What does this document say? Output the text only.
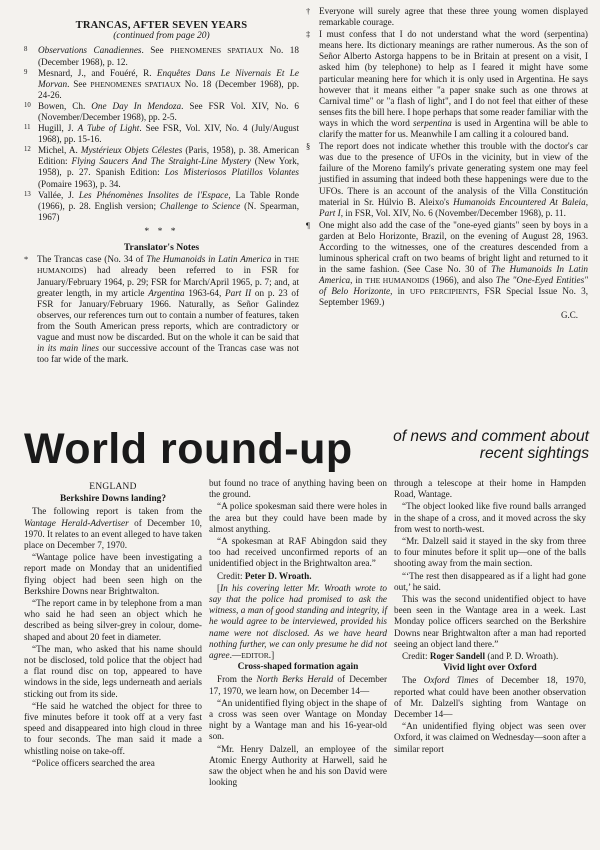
TRANCAS, AFTER SEVEN YEARS
(continued from page 20)
8	Observations Canadiennes. See PHENOMENES SPATIAUX No. 18 (December 1968), p. 12.
9	Mesnard, J., and Fouéré, R. Enquêtes Dans Le Nivernais Et Le Morvan. See PHENOMENES SPATIAUX No. 18 (December 1968), pp. 24-26.
10 Bowen, Ch. One Day In Mendoza. See FSR Vol. XIV, No. 6 (November/December 1968), pp. 2-5.
11 Hugill, J. A Tube of Light. See FSR, Vol. XIV, No. 4 (July/August 1968), pp. 15-16.
12 Michel, A. Mystérieux Objets Célestes (Paris, 1958), p. 38. American Edition: Flying Saucers And The Straight-Line Mystery (New York, 1958), p. 27. Spanish Edition: Los Misteriosos Platillos Volantes (Pomaire 1963), p. 34.
13 Vallée, J. Les Phénomènes Insolites de l'Espace, La Table Ronde (1966), p. 28. English version; Challenge to Science (N. Spearman, 1967)
* * *
Translator's Notes
* The Trancas case (No. 34 of The Humanoids in Latin America in THE HUMANOIDS) had already been referred to in FSR for January/February 1964, p. 29; FSR for March/April 1965, p. 7; and, at greater length, in my article Argentina 1963-64, Part II on p. 23 of FSR for January/February 1966. Naturally, as Señor Galindez observes, our references turn out to contain a number of features, taken from the South American press reports, which are contradictory or vague and must now be discarded. But on the whole it can be said that in its main lines our successive account of the Trancas case was not too far wide of the mark.
† Everyone will surely agree that these three young women displayed remarkable courage.
‡ I must confess that I do not understand what the word (serpentina) means here. Its dictionary meanings are rather numerous. As the son of Señor Alberto Astorga happens to be in Britain at present on a visit, I asked him (by telephone) to help as I feared it might have some particular meaning here for which it is only used in Argentina. He says however that it means either "a paper snake such as one throws at Carnival time" or "a flash of light", and I do not feel that either of these senses fits the bill here. I hope perhaps that some reader familiar with the ways in which the word serpentina is used in Argentina will be able to clarify the matter for us. Meanwhile I am calling it a coloured band.
§ The report does not indicate whether this trouble with the doctor's car was due to the presence of UFOs in the vicinity, but in view of the failure of the Moreno family's private generating system one may feel justified in assuming that indeed both these happenings were due to the UFOs. There is an account of the analysis of the Villa Constitución material in Sr. Húlvio B. Aleixo's Humanoids Encountered At Baleia, Part I, in FSR, Vol. XIV, No. 6 (November/December 1968), p. 11.
¶ One might also add the case of the "one-eyed giants" seen by boys in a garden at Belo Horizonte, Brazil, on the evening of August 28, 1963. According to the witnesses, one of the creatures descended from a luminous spherical craft on two beams of bright light and returned to it in the same fashion. (See Case No. 30 of The Humanoids In Latin America, in THE HUMANOIDS (1966), and also The "One-Eyed Entities" of Belo Horizonte, in UFO PERCIPIENTS, FSR Special Issue No. 3, September 1969.)
G.C.
World round-up	of news and comment about recent sightings

ENGLAND

Berkshire Downs landing?

The following report is taken from the Wantage Herald-Advertiser of December 10, 1970. It relates to an event alleged to have taken place on December 7, 1970.

“Wantage police have been investigating a report made on Monday that an unidentified flying object had been seen high on the Berkshire Downs near Brightwalton.

“The report came in by telephone from a man who said he had seen an object which he described as being silver-grey in colour, dome-shaped and about 20 feet in diameter.

“The man, who asked that his name should not be disclosed, told police that the object had a flat round disc on top, appeared to have windows in the side, legs underneath and aerials sticking out from its side.

“He said he watched the object for three to five minutes before it took off at a very fast speed and disappeared into high cloud in three to four seconds. The man said it made a whistling noise on take-off.

“Police officers searched the area

but found no trace of anything having been on the ground.

“A police spokesman said there were holes in the area but they could have been made by almost anything.

“A spokesman at RAF Abingdon said they too had received unconfirmed reports of an unidentified object in the Brightwalton area.”

Credit: Peter D. Wroath.

[In his covering letter Mr. Wroath wrote to say that the police had promised to ask the witness, a man of good standing and integrity, if he would agree to be interviewed, provided his name were not disclosed. As we have heard nothing further, we can only presume he did not agree.—EDITOR.]

Cross-shaped formation again

From the North Berks Herald of December 17, 1970, we learn how, on December 14—

“An unidentified flying object in the shape of a cross was seen over Wantage on Monday night by a Wantage man and his 16-year-old son.

“Mr. Henry Dalzell, an employee of the Atomic Energy Authority at Harwell, said he saw the object when he and his son David were looking

through a telescope at their home in Hampden Road, Wantage.

“The object looked like five round balls arranged in the shape of a cross, and it moved across the sky from west to north-west.

“Mr. Dalzell said it stayed in the sky from three to four minutes before it split up—one of the balls shooting away from the main section.

“‘The rest then disappeared as if a light had gone out,’ he said.

This was the second unidentified object to have been seen in the Wantage area in a week. Last Monday police officers searched on the Berkshire Downs near Brightwalton after a man had reported seeing an object land there.”

Credit: Roger Sandell (and P. D. Wroath).

Vivid light over Oxford

The Oxford Times of December 18, 1970, reported what could have been another observation of Mr. Dalzell's sighting from Wantage on December 14—

“An unidentified flying object was seen over Oxford, it was claimed on Wednesday—soon after a similar report
